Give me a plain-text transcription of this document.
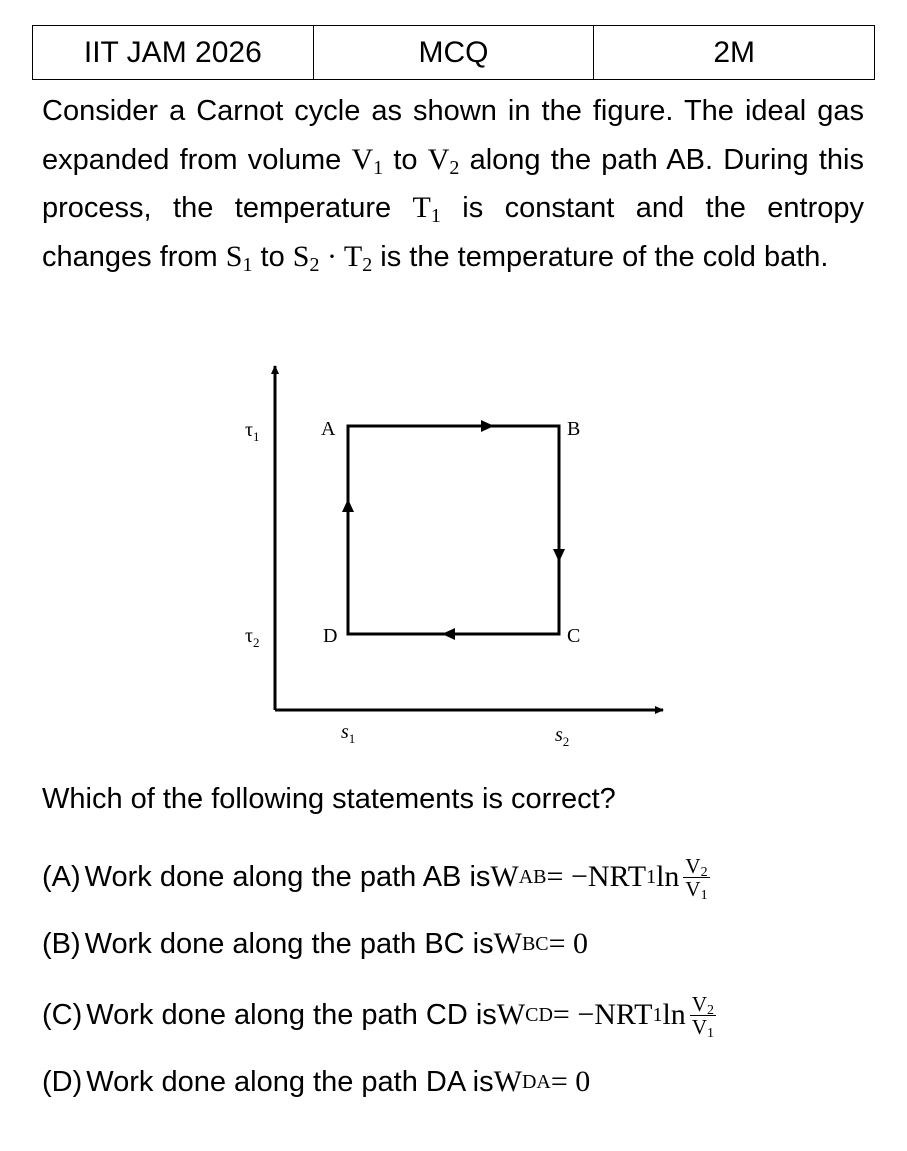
IIT JAM 2026	MCQ	2M

Consider a Carnot cycle as shown in the figure. The ideal gas expanded from volume $V_1$ to $V_2$ along the path AB. During this process, the temperature $T_1$ is constant and the entropy changes from $S_1$ to $S_2 \cdot T_2$ is the temperature of the cold bath.

$\tau_1$
$\tau_2$
A	B
C
D
$s_1$	$s_2$

Which of the following statements is correct?

(A) Work done along the path AB is W AB = −NRT 1 $\ln \frac{V_2}{V_1}$
(B) Work done along the path BC is W BC = 0
(C) Work done along the path CD is W CD = −NRT 1 $\ln \frac{V_2}{V_1}$
(D) Work done along the path DA is W DA = 0
